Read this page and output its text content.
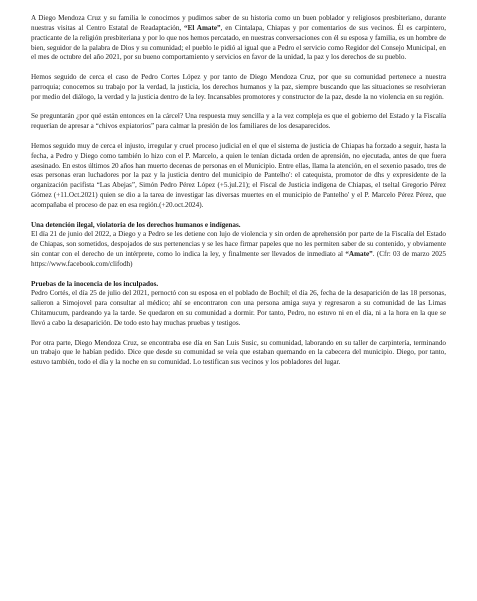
A Diego Mendoza Cruz y su familia le conocimos y pudimos saber de su historia como un buen poblador y religiosos presbiteriano, durante nuestras visitas al Centro Estatal de Readaptación, “El Amate”, en Cintalapa, Chiapas y por comentarios de sus vecinos. Él es carpintero, practicante de la religión presbiteriana y por lo que nos hemos percatado, en nuestras conversaciones con él su esposa y familia, es un hombre de bien, seguidor de la palabra de Dios y su comunidad; el pueblo le pidió al igual que a Pedro el servicio como Regidor del Consejo Municipal, en el mes de octubre del año 2021, por su bueno comportamiento y servicios en favor de la unidad, la paz y los derechos de su pueblo.

Hemos seguido de cerca el caso de Pedro Cortes López y por tanto de Diego Mendoza Cruz, por que su comunidad pertenece a nuestra parroquia; conocemos su trabajo por la verdad, la justicia, los derechos humanos y la paz, siempre buscando que las situaciones se resolvieran por medio del diálogo, la verdad y la justicia dentro de la ley. Incansables promotores y constructor de la paz, desde la no violencia en su región.

Se preguntarán ¿por qué están entonces en la cárcel? Una respuesta muy sencilla y a la vez compleja es que el gobierno del Estado y la Fiscalía requerían de apresar a “chivos expiatorios” para calmar la presión de los familiares de los desaparecidos.

Hemos seguido muy de cerca el injusto, irregular y cruel proceso judicial en el que el sistema de justicia de Chiapas ha forzado a seguir, hasta la fecha, a Pedro y Diego como también lo hizo con el P. Marcelo, a quien le tenían dictada orden de aprensión, no ejecutada, antes de que fuera asesinado. En estos últimos 20 años han muerto decenas de personas en el Municipio. Entre ellas, llama la atención, en el sexenio pasado, tres de esas personas eran luchadores por la paz y la justicia dentro del municipio de Pantelho': el catequista, promotor de dhs y expresidente de la organización pacifista “Las Abejas”, Simón Pedro Pérez López (+5.jul.21); el Fiscal de Justicia indígena de Chiapas, el tseltal Gregorio Pérez Gómez (+11.Oct.2021) quien se dio a la tarea de investigar las diversas muertes en el municipio de Pantelho' y el P. Marcelo Pérez Pérez, que acompañaba el proceso de paz en esa región.(+20.oct.2024).

Una detención ilegal, violatoria de los derechos humanos e indígenas.

El día 21 de junio del 2022, a Diego y a Pedro se les detiene con lujo de violencia y sin orden de aprehensión por parte de la Fiscalía del Estado de Chiapas, son sometidos, despojados de sus pertenencias y se les hace firmar papeles que no les permiten saber de su contenido, y obviamente sin contar con el derecho de un intérprete, como lo indica la ley, y finalmente ser llevados de inmediato al “Amate”. (Cfr: 03 de marzo 2025 https://www.facebook.com/clifodh)

Pruebas de la inocencia de los inculpados.

Pedro Cortés, el día 25 de julio del 2021, pernoctó con su esposa en el poblado de Bochil; el día 26, fecha de la desaparición de las 18 personas, salieron a Simojovel para consultar al médico; ahí se encontraron con una persona amiga suya y regresaron a su comunidad de las Limas Chitamucum, pardeando ya la tarde. Se quedaron en su comunidad a dormir. Por tanto, Pedro, no estuvo ni en el día, ni a la hora en la que se llevó a cabo la desaparición. De todo esto hay muchas pruebas y testigos.

Por otra parte, Diego Mendoza Cruz, se encontraba ese día en San Luis Susic, su comunidad, laborando en su taller de carpintería, terminando un trabajo que le habían pedido. Dice que desde su comunidad se veía que estaban quemando en la cabecera del municipio. Diego, por tanto, estuvo también, todo el día y la noche en su comunidad. Lo testifican sus vecinos y los pobladores del lugar.
